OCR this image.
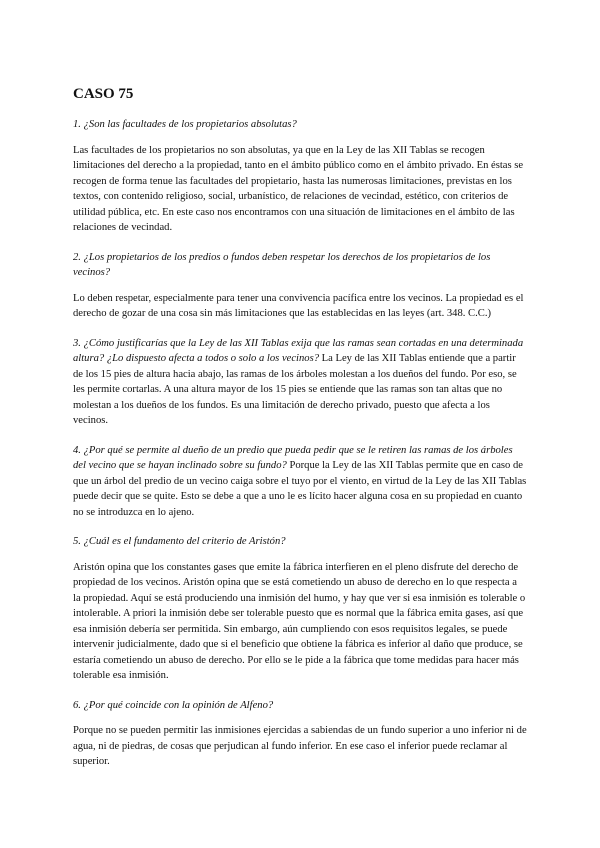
CASO 75

1. ¿Son las facultades de los propietarios absolutas?

Las facultades de los propietarios no son absolutas, ya que en la Ley de las XII Tablas se recogen limitaciones del derecho a la propiedad, tanto en el ámbito público como en el ámbito privado. En éstas se recogen de forma tenue las facultades del propietario, hasta las numerosas limitaciones, previstas en los textos, con contenido religioso, social, urbanístico, de relaciones de vecindad, estético, con criterios de utilidad pública, etc. En este caso nos encontramos con una situación de limitaciones en el ámbito de las relaciones de vecindad.

2. ¿Los propietarios de los predios o fundos deben respetar los derechos de los propietarios de los vecinos?

Lo deben respetar, especialmente para tener una convivencia pacífica entre los vecinos. La propiedad es el derecho de gozar de una cosa sin más limitaciones que las establecidas en las leyes (art. 348. C.C.)

3. ¿Cómo justificarías que la Ley de las XII Tablas exija que las ramas sean cortadas en una determinada altura? ¿Lo dispuesto afecta a todos o solo a los vecinos? La Ley de las XII Tablas entiende que a partir de los 15 pies de altura hacia abajo, las ramas de los árboles molestan a los dueños del fundo. Por eso, se les permite cortarlas. A una altura mayor de los 15 pies se entiende que las ramas son tan altas que no molestan a los dueños de los fundos. Es una limitación de derecho privado, puesto que afecta a los vecinos.

4. ¿Por qué se permite al dueño de un predio que pueda pedir que se le retiren las ramas de los árboles del vecino que se hayan inclinado sobre su fundo? Porque la Ley de las XII Tablas permite que en caso de que un árbol del predio de un vecino caiga sobre el tuyo por el viento, en virtud de la Ley de las XII Tablas puede decir que se quite. Esto se debe a que a uno le es lícito hacer alguna cosa en su propiedad en cuanto no se introduzca en lo ajeno.

5. ¿Cuál es el fundamento del criterio de Aristón?

Aristón opina que los constantes gases que emite la fábrica interfieren en el pleno disfrute del derecho de propiedad de los vecinos. Aristón opina que se está cometiendo un abuso de derecho en lo que respecta a la propiedad. Aquí se está produciendo una inmisión del humo, y hay que ver si esa inmisión es tolerable o intolerable. A priori la inmisión debe ser tolerable puesto que es normal que la fábrica emita gases, así que esa inmisión debería ser permitida. Sin embargo, aún cumpliendo con esos requisitos legales, se puede intervenir judicialmente, dado que si el beneficio que obtiene la fábrica es inferior al daño que produce, se estaría cometiendo un abuso de derecho. Por ello se le pide a la fábrica que tome medidas para hacer más tolerable esa inmisión.

6. ¿Por qué coincide con la opinión de Alfeno?

Porque no se pueden permitir las inmisiones ejercidas a sabiendas de un fundo superior a uno inferior ni de agua, ni de piedras, de cosas que perjudican al fundo inferior. En ese caso el inferior puede reclamar al superior.
